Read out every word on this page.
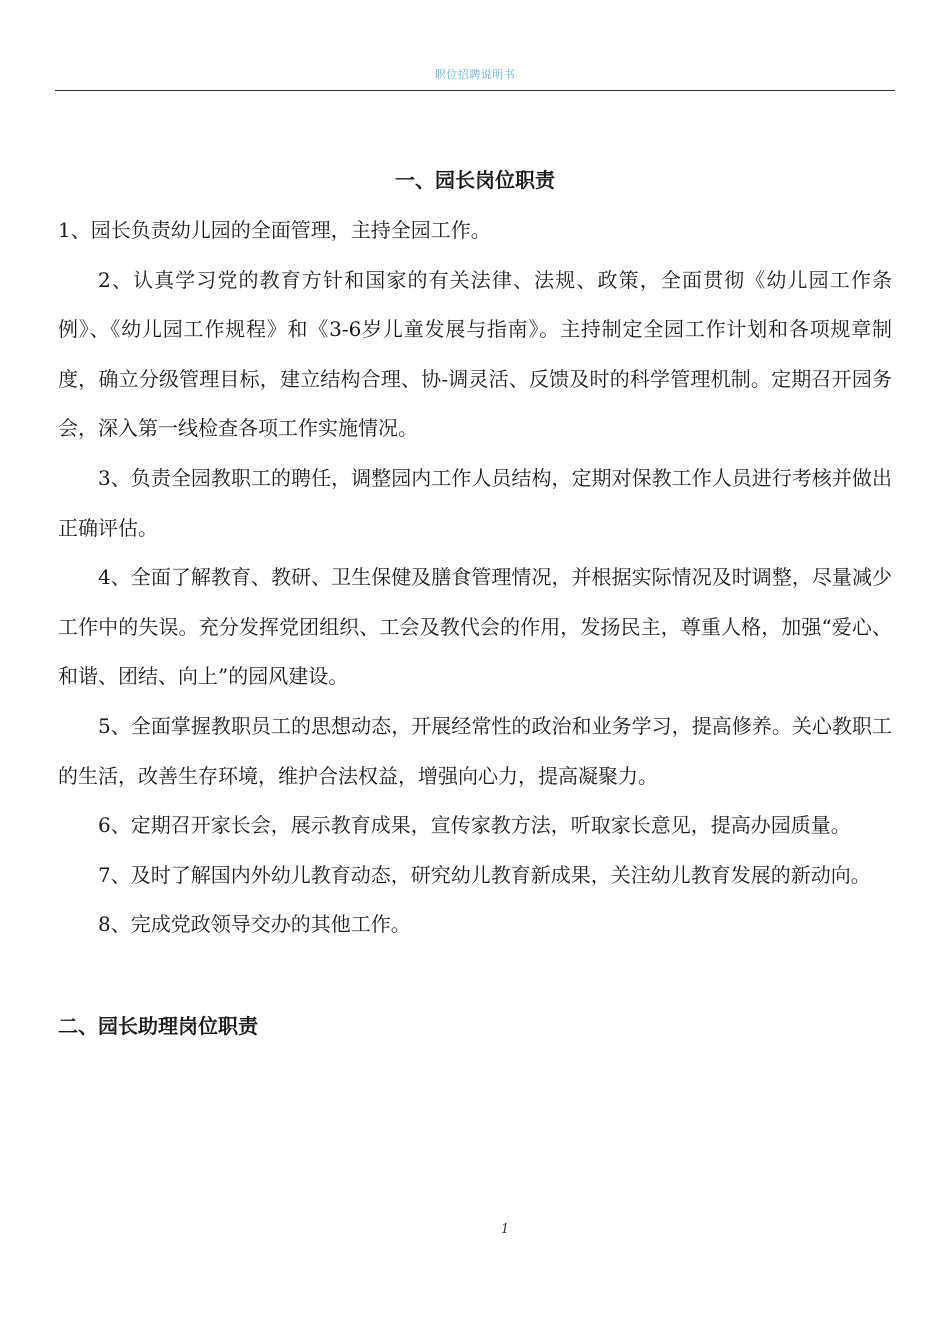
职位招聘说明书
一、园长岗位职责

1、园长负责幼儿园的全面管理，主持全园工作。

2、认真学习党的教育方针和国家的有关法律、法规、政策，全面贯彻《幼儿园工作条例》、《幼儿园工作规程》和《3-6岁儿童发展与指南》。主持制定全园工作计划和各项规章制度，确立分级管理目标，建立结构合理、协-调灵活、反馈及时的科学管理机制。定期召开园务会，深入第一线检查各项工作实施情况。

3、负责全园教职工的聘任，调整园内工作人员结构，定期对保教工作人员进行考核并做出正确评估。

4、全面了解教育、教研、卫生保健及膳食管理情况，并根据实际情况及时调整，尽量减少工作中的失误。充分发挥党团组织、工会及教代会的作用，发扬民主，尊重人格，加强“爱心、和谐、团结、向上”的园风建设。

5、全面掌握教职员工的思想动态，开展经常性的政治和业务学习，提高修养。关心教职工的生活，改善生存环境，维护合法权益，增强向心力，提高凝聚力。

6、定期召开家长会，展示教育成果，宣传家教方法，听取家长意见，提高办园质量。

7、及时了解国内外幼儿教育动态，研究幼儿教育新成果，关注幼儿教育发展的新动向。

8、完成党政领导交办的其他工作。

二、园长助理岗位职责
1
